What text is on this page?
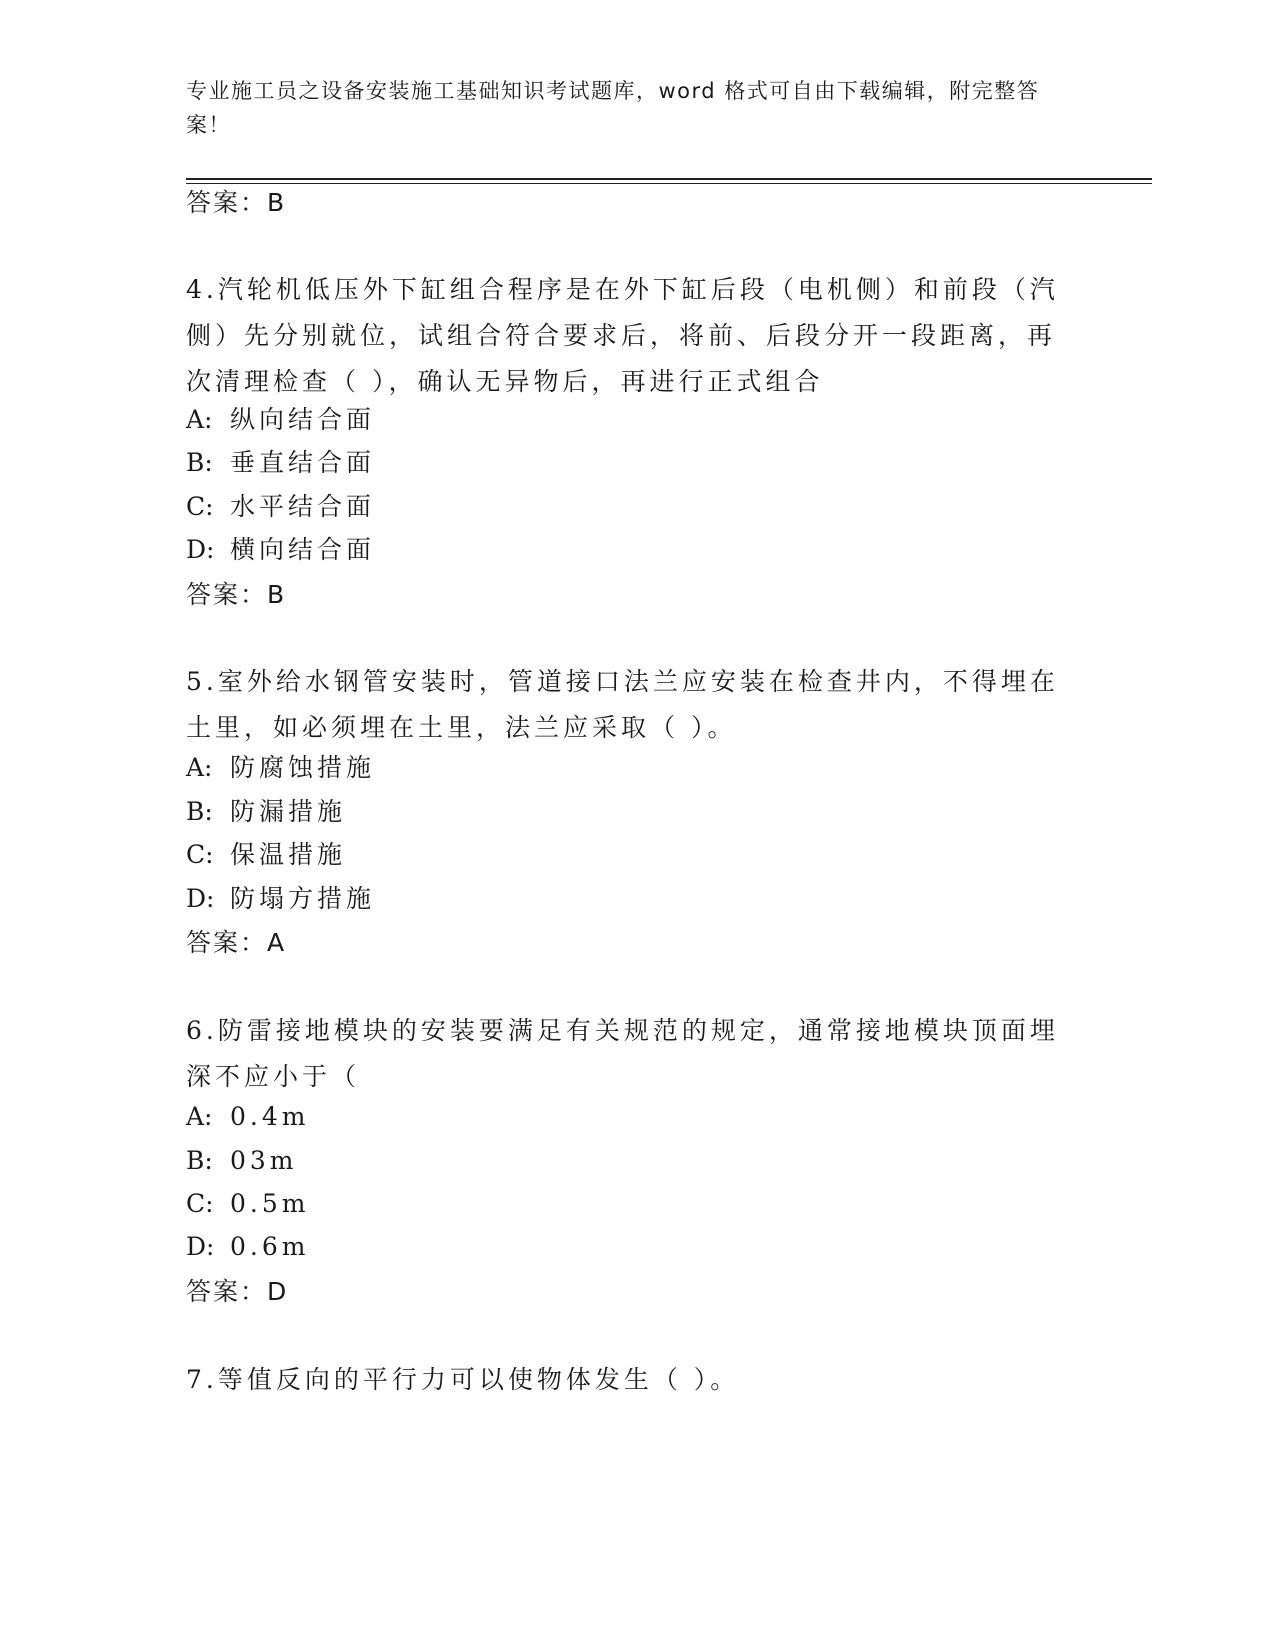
专业施工员之设备安装施工基础知识考试题库，word 格式可自由下载编辑，附完整答案！
答案：B
4.汽轮机低压外下缸组合程序是在外下缸后段（电机侧）和前段（汽侧）先分别就位，试组合符合要求后，将前、后段分开一段距离，再次清理检查（ ），确认无异物后，再进行正式组合
A: 纵向结合面
B: 垂直结合面
C: 水平结合面
D: 横向结合面
答案：B
5.室外给水钢管安装时，管道接口法兰应安装在检查井内，不得埋在土里，如必须埋在土里，法兰应采取（ ）。
A: 防腐蚀措施
B: 防漏措施
C: 保温措施
D: 防塌方措施
答案：A
6.防雷接地模块的安装要满足有关规范的规定，通常接地模块顶面埋深不应小于（
A: 0.4m
B: 03m
C: 0.5m
D: 0.6m
答案：D
7.等值反向的平行力可以使物体发生（ ）。
